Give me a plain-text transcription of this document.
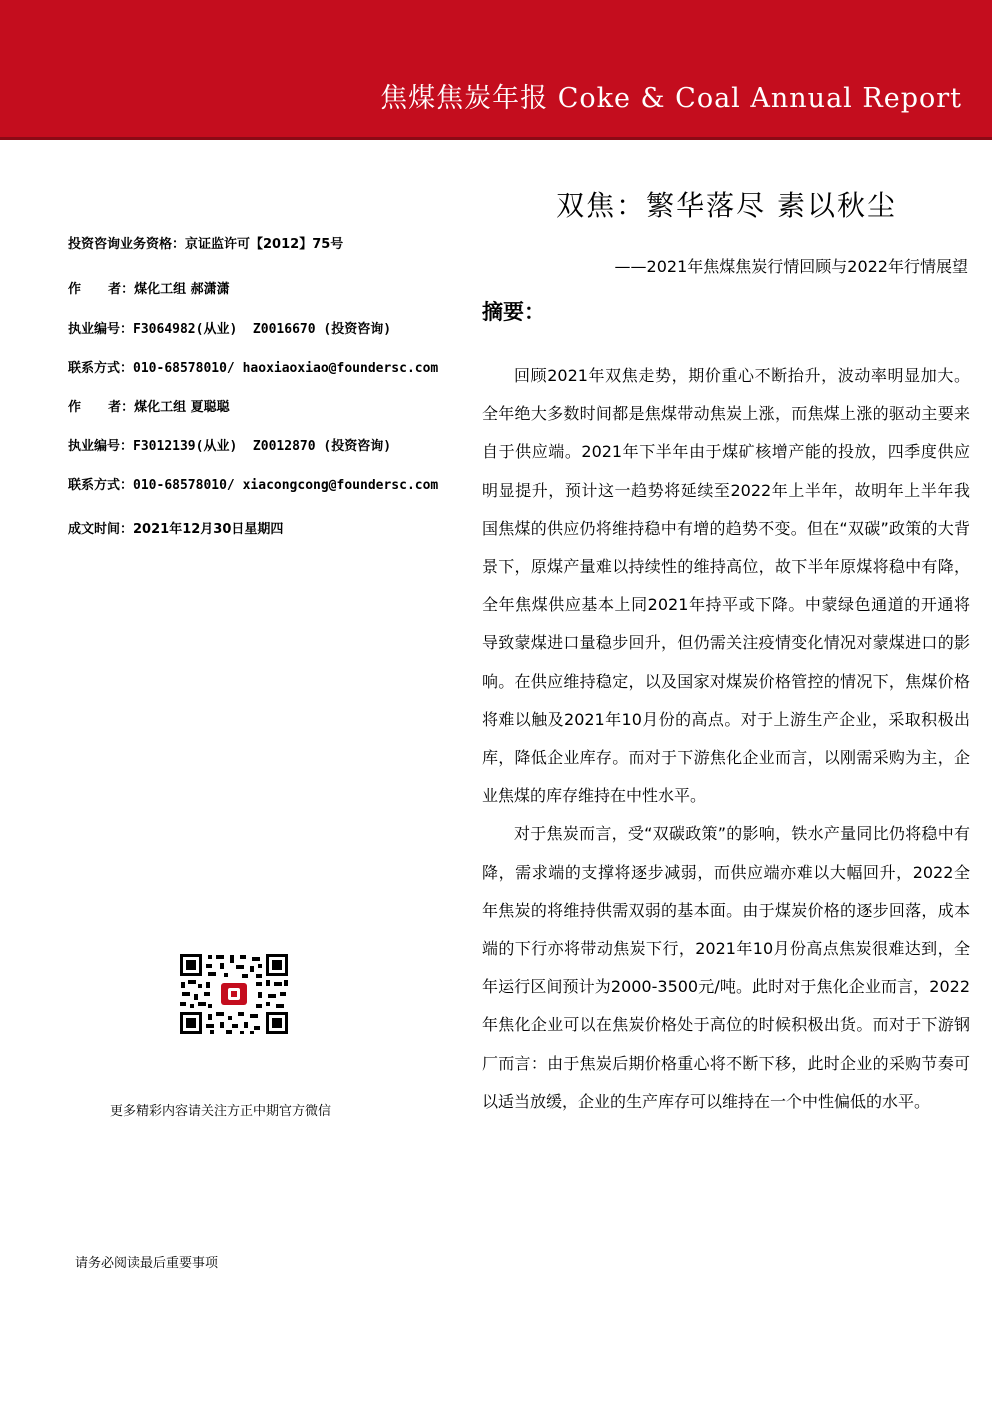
焦煤焦炭年报 Coke & Coal Annual Report
双焦：繁华落尽 素以秋尘
——2021年焦煤焦炭行情回顾与2022年行情展望
投资咨询业务资格：京证监许可【2012】75号
作      者：煤化工组 郝潇潇
执业编号：F3064982(从业)  Z0016670 (投资咨询)
联系方式：010-68578010/ haoxiaoxiao@foundersc.com
作      者：煤化工组 夏聪聪
执业编号：F3012139(从业)  Z0012870 (投资咨询)
联系方式：010-68578010/ xiacongcong@foundersc.com
成文时间：2021年12月30日星期四
摘要：

回顾2021年双焦走势，期价重心不断抬升，波动率明显加大。全年绝大多数时间都是焦煤带动焦炭上涨，而焦煤上涨的驱动主要来自于供应端。2021年下半年由于煤矿核增产能的投放，四季度供应明显提升，预计这一趋势将延续至2022年上半年，故明年上半年我国焦煤的供应仍将维持稳中有增的趋势不变。但在“双碳”政策的大背景下，原煤产量难以持续性的维持高位，故下半年原煤将稳中有降，全年焦煤供应基本上同2021年持平或下降。中蒙绿色通道的开通将导致蒙煤进口量稳步回升，但仍需关注疫情变化情况对蒙煤进口的影响。在供应维持稳定，以及国家对煤炭价格管控的情况下，焦煤价格将难以触及2021年10月份的高点。对于上游生产企业，采取积极出库，降低企业库存。而对于下游焦化企业而言，以刚需采购为主，企业焦煤的库存维持在中性水平。

对于焦炭而言，受“双碳政策”的影响，铁水产量同比仍将稳中有降，需求端的支撑将逐步减弱，而供应端亦难以大幅回升，2022全年焦炭的将维持供需双弱的基本面。由于煤炭价格的逐步回落，成本端的下行亦将带动焦炭下行，2021年10月份高点焦炭很难达到，全年运行区间预计为2000-3500元/吨。此时对于焦化企业而言，2022年焦化企业可以在焦炭价格处于高位的时候积极出货。而对于下游钢厂而言：由于焦炭后期价格重心将不断下移，此时企业的采购节奏可以适当放缓，企业的生产库存可以维持在一个中性偏低的水平。

更多精彩内容请关注方正中期官方微信
请务必阅读最后重要事项
